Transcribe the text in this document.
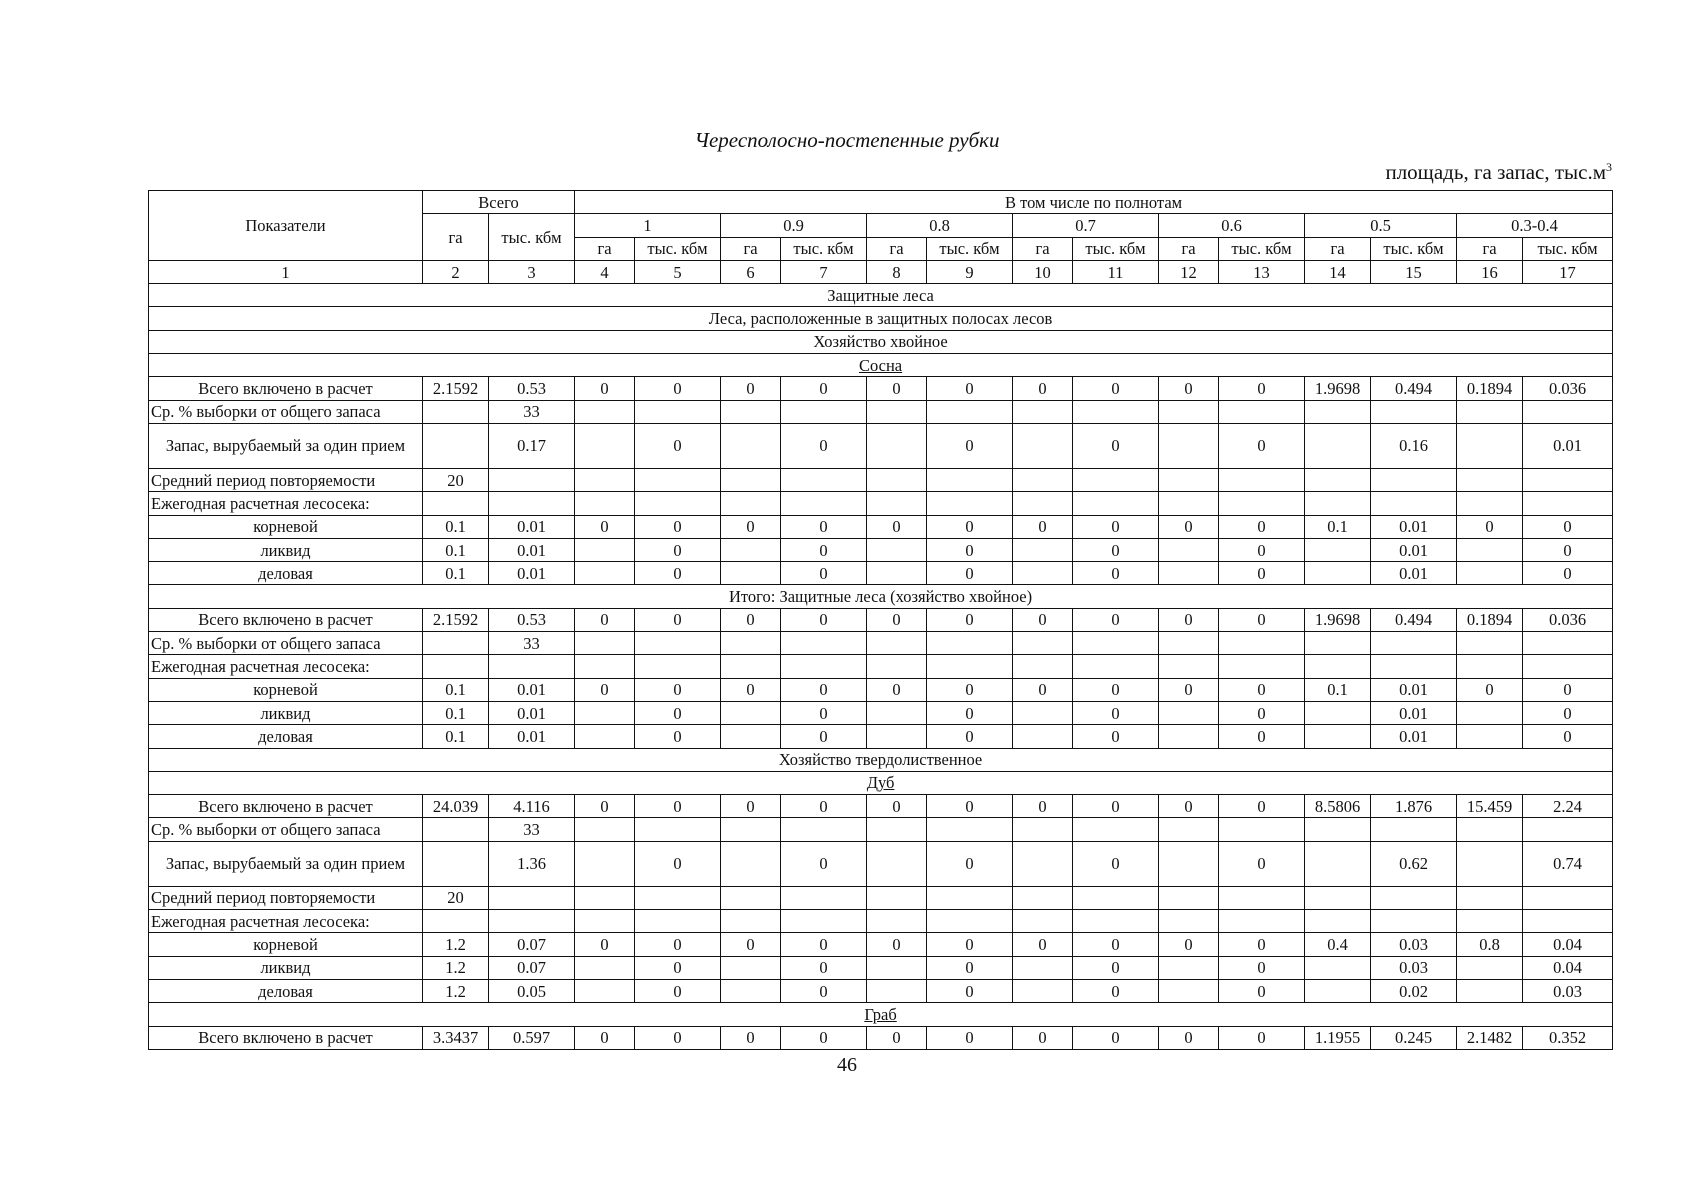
Чересполосно-постепенные рубки
площадь, га запас, $тыс.м^3$
Показатели	Всего		В том числе по полнотам													
	га	тыс. кбм	1		0.9		0.8		0.7		0.6		0.5		0.3-0.4	
			га	тыс. кбм	га	тыс. кбм	га	тыс. кбм	га	тыс. кбм	га	тыс. кбм	га	тыс. кбм	га	тыс. кбм
1	2	3	4	5	6	7	8	9	10	11	12	13	14	15	16	17
Защитные леса																
Леса, расположенные в защитных полосах лесов																
Хозяйство хвойное																
Сосна																
Всего включено в расчет	2.1592	0.53	0	0	0	0	0	0	0	0	0	0	1.9698	0.494	0.1894	0.036
Ср. % выборки от общего запаса		33														
Запас, вырубаемый за один прием		0.17		0		0		0		0		0		0.16		0.01
Средний период повторяемости	20															
Ежегодная расчетная лесосека:																
корневой	0.1	0.01	0	0	0	0	0	0	0	0	0	0	0.1	0.01	0	0
ликвид	0.1	0.01		0		0		0		0		0		0.01		0
деловая	0.1	0.01		0		0		0		0		0		0.01		0
Итого: Защитные леса (хозяйство хвойное)																
Всего включено в расчет	2.1592	0.53	0	0	0	0	0	0	0	0	0	0	1.9698	0.494	0.1894	0.036
Ср. % выборки от общего запаса		33														
Ежегодная расчетная лесосека:																
корневой	0.1	0.01	0	0	0	0	0	0	0	0	0	0	0.1	0.01	0	0
ликвид	0.1	0.01		0		0		0		0		0		0.01		0
деловая	0.1	0.01		0		0		0		0		0		0.01		0
Хозяйство твердолиственное																
Дуб																
Всего включено в расчет	24.039	4.116	0	0	0	0	0	0	0	0	0	0	8.5806	1.876	15.459	2.24
Ср. % выборки от общего запаса		33														
Запас, вырубаемый за один прием		1.36		0		0		0		0		0		0.62		0.74
Средний период повторяемости	20															
Ежегодная расчетная лесосека:																
корневой	1.2	0.07	0	0	0	0	0	0	0	0	0	0	0.4	0.03	0.8	0.04
ликвид	1.2	0.07		0		0		0		0		0		0.03		0.04
деловая	1.2	0.05		0		0		0		0		0		0.02		0.03
Граб																
Всего включено в расчет	3.3437	0.597	0	0	0	0	0	0	0	0	0	0	1.1955	0.245	2.1482	0.352
46
